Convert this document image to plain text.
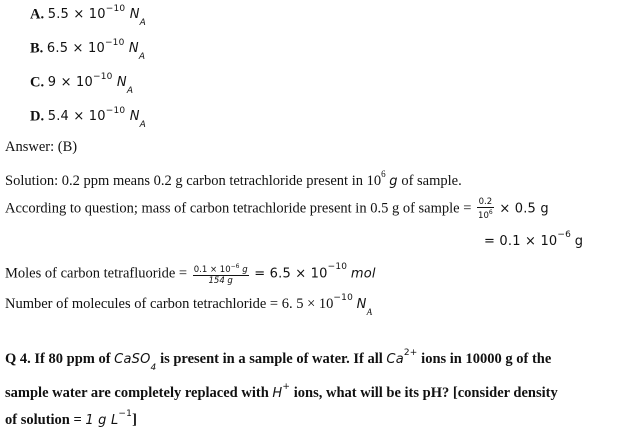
A. $5.5 \times 10^{-10}$ $N_A$
B. $6.5 \times 10^{-10}$ $N_A$
C. $9 \times 10^{-10}$ $N_A$
D. $5.4 \times 10^{-10}$ $N_A$
Answer: (B)
Solution: 0.2 ppm means 0.2 g carbon tetrachloride present in $10^6$ g of sample.
According to question; mass of carbon tetrachloride present in 0.5 g of sample = $\frac{0.2}{10^6} \times 0.5$ g
= $0.1 \times 10^{-6}$ g
Moles of carbon tetrafluoride = $\frac{0.1 \times 10^{-6} g}{154 g} = 6.5 \times 10^{-10}$ mol
Number of molecules of carbon tetrachloride = 6. $5 \times 10^{-10}$ $N_A$
Q 4. If 80 ppm of CaSO$_4$ is present in a sample of water. If all $Ca^{2+}$ ions in 10000 g of the
sample water are completely replaced with H+ ions, what will be its pH? [consider density
of solution = 1 g $L^{-1}$]
